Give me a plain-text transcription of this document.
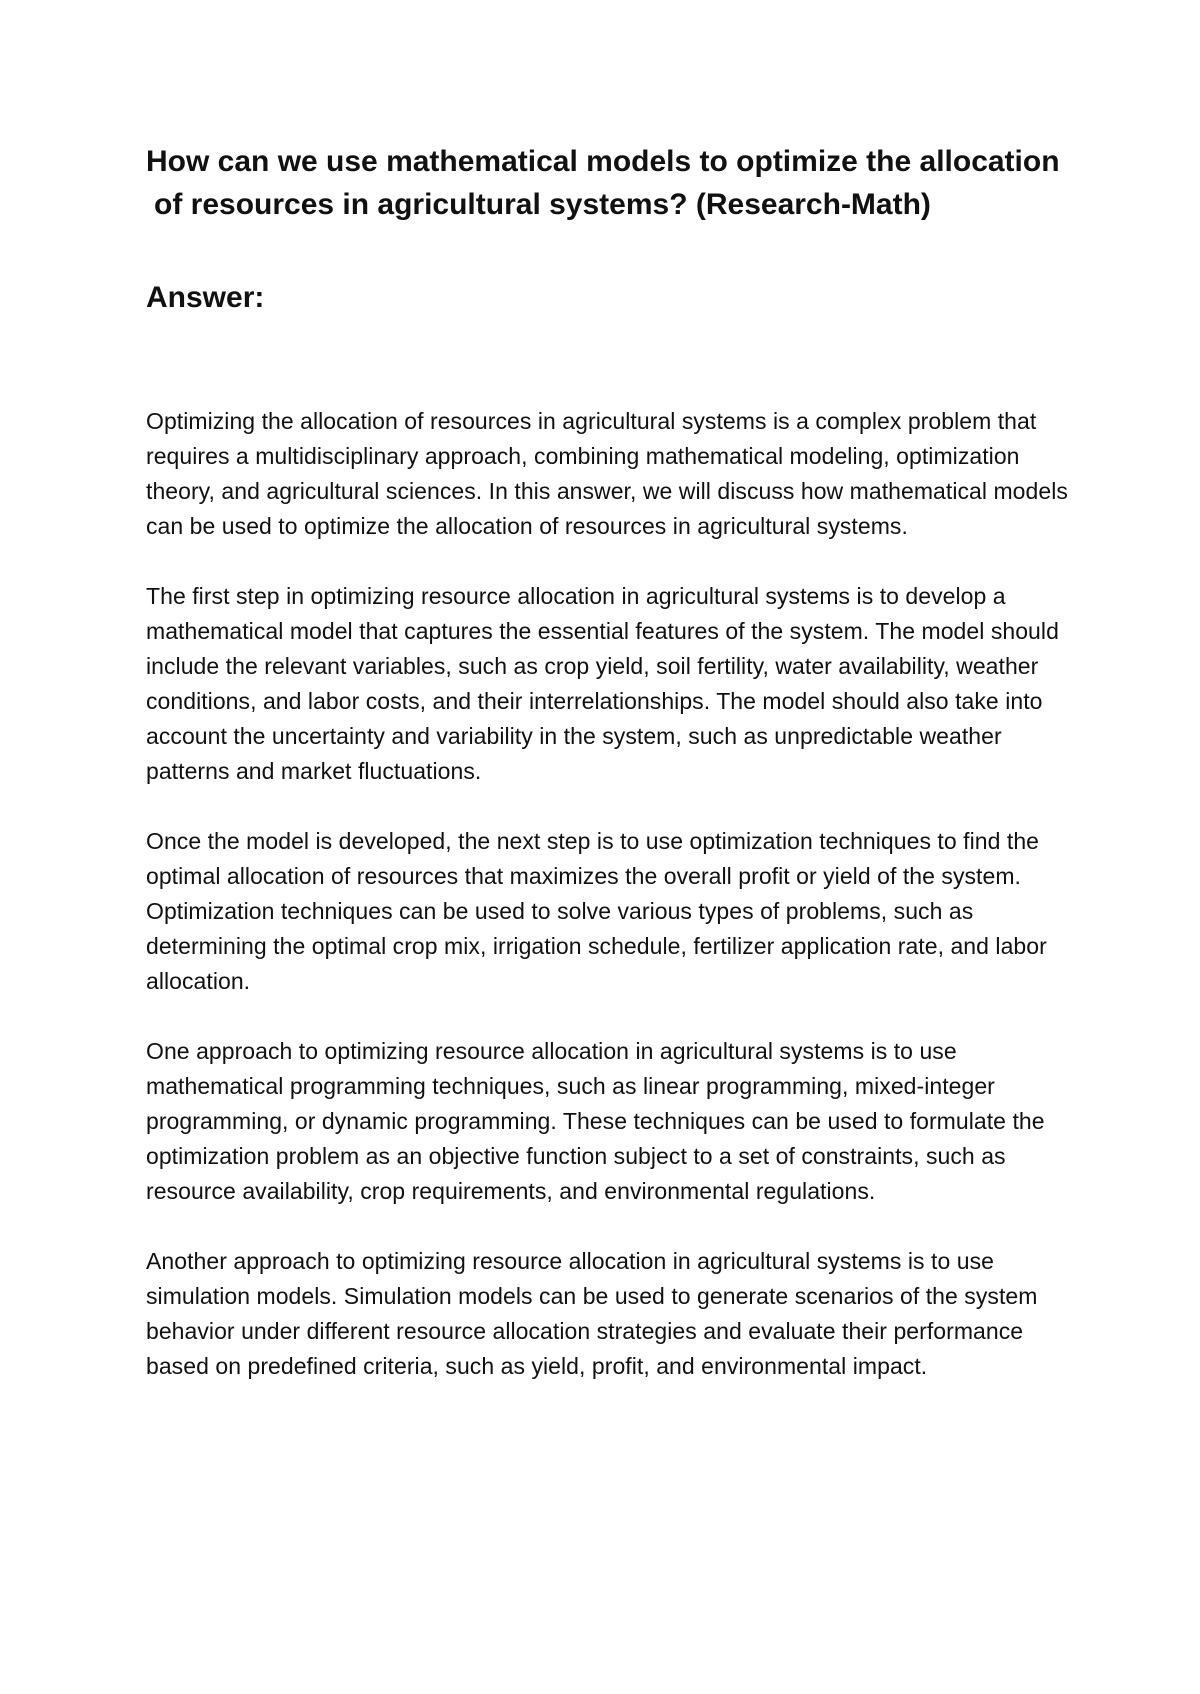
How can we use mathematical models to optimize the allocation of resources in agricultural systems? (Research-Math)
Answer:

Optimizing the allocation of resources in agricultural systems is a complex problem that requires a multidisciplinary approach, combining mathematical modeling, optimization theory, and agricultural sciences. In this answer, we will discuss how mathematical models can be used to optimize the allocation of resources in agricultural systems.

The first step in optimizing resource allocation in agricultural systems is to develop a mathematical model that captures the essential features of the system. The model should include the relevant variables, such as crop yield, soil fertility, water availability, weather conditions, and labor costs, and their interrelationships. The model should also take into account the uncertainty and variability in the system, such as unpredictable weather patterns and market fluctuations.

Once the model is developed, the next step is to use optimization techniques to find the optimal allocation of resources that maximizes the overall profit or yield of the system. Optimization techniques can be used to solve various types of problems, such as determining the optimal crop mix, irrigation schedule, fertilizer application rate, and labor allocation.

One approach to optimizing resource allocation in agricultural systems is to use mathematical programming techniques, such as linear programming, mixed-integer programming, or dynamic programming. These techniques can be used to formulate the optimization problem as an objective function subject to a set of constraints, such as resource availability, crop requirements, and environmental regulations.

Another approach to optimizing resource allocation in agricultural systems is to use simulation models. Simulation models can be used to generate scenarios of the system behavior under different resource allocation strategies and evaluate their performance based on predefined criteria, such as yield, profit, and environmental impact.
